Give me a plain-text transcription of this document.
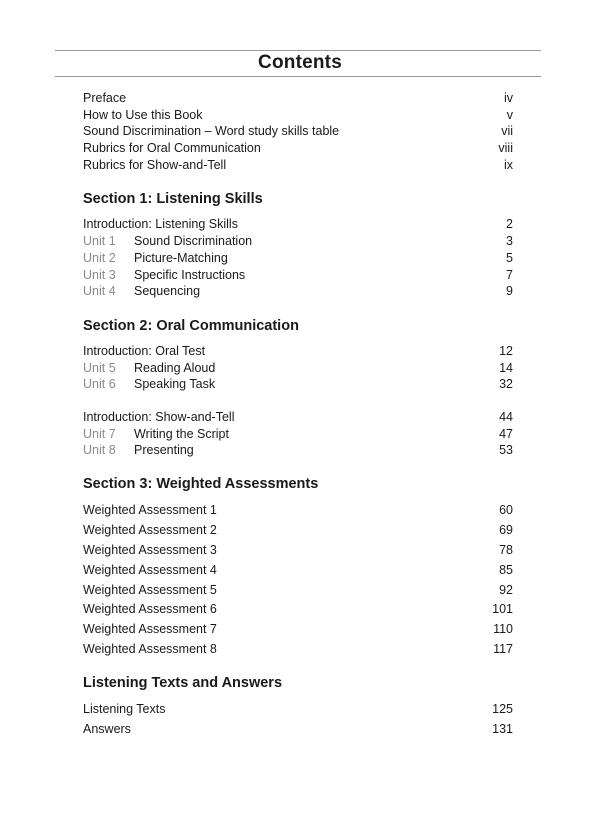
Contents
Preface	iv
How to Use this Book	v
Sound Discrimination – Word study skills table	vii
Rubrics for Oral Communication	viii
Rubrics for Show-and-Tell	ix
Section 1: Listening Skills
Introduction: Listening Skills	2
Unit 1	Sound Discrimination	3
Unit 2	Picture-Matching	5
Unit 3	Specific Instructions	7
Unit 4	Sequencing	9
Section 2: Oral Communication
Introduction: Oral Test	12
Unit 5	Reading Aloud	14
Unit 6	Speaking Task	32
Introduction: Show-and-Tell	44
Unit 7	Writing the Script	47
Unit 8	Presenting	53
Section 3: Weighted Assessments
Weighted Assessment 1	60
Weighted Assessment 2	69
Weighted Assessment 3	78
Weighted Assessment 4	85
Weighted Assessment 5	92
Weighted Assessment 6	101
Weighted Assessment 7	110
Weighted Assessment 8	117
Listening Texts and Answers
Listening Texts	125
Answers	131
